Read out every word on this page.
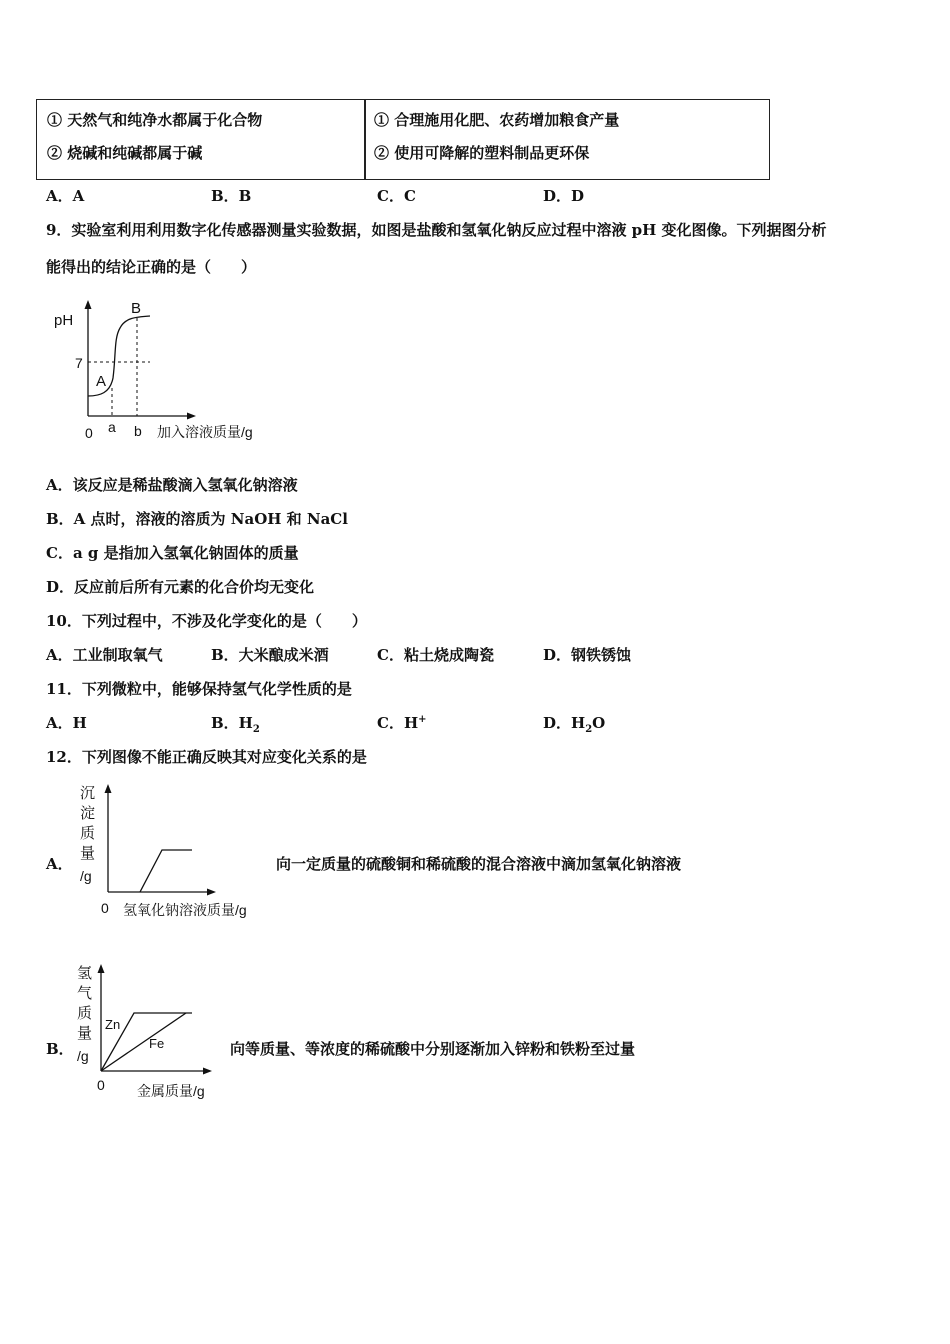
① 天然气和纯净水都属于化合物
② 烧碱和纯碱都属于碱
① 合理施用化肥、农药增加粮食产量
② 使用可降解的塑料制品更环保
A．A	B．B	C．C	D．D
9．实验室利用利用数字化传感器测量实验数据，如图是盐酸和氢氧化钠反应过程中溶液 pH 变化图像。下列据图分析
能得出的结论正确的是（　　）
pH
7
A
B
0 a b 加入溶液质量/g
A．该反应是稀盐酸滴入氢氧化钠溶液
B．A 点时，溶液的溶质为 NaOH 和 NaCl
C．a g 是指加入氢氧化钠固体的质量
D．反应前后所有元素的化合价均无变化
10．下列过程中，不涉及化学变化的是（　　）
A．工业制取氧气	B．大米酿成米酒	C．粘土烧成陶瓷	D．钢铁锈蚀
11．下列微粒中，能够保持氢气化学性质的是
A．H	B．$H_2$	C．H+	D．$H_2O$
12．下列图像不能正确反映其对应变化关系的是
A．
沉
淀
质
量
/g
0 氢氧化钠溶液质量/g
向一定质量的硫酸铜和稀硫酸的混合溶液中滴加氢氧化钠溶液
B．
氢
气
质
量
/g
0
Zn
Fe
金属质量/g
向等质量、等浓度的稀硫酸中分别逐渐加入锌粉和铁粉至过量
